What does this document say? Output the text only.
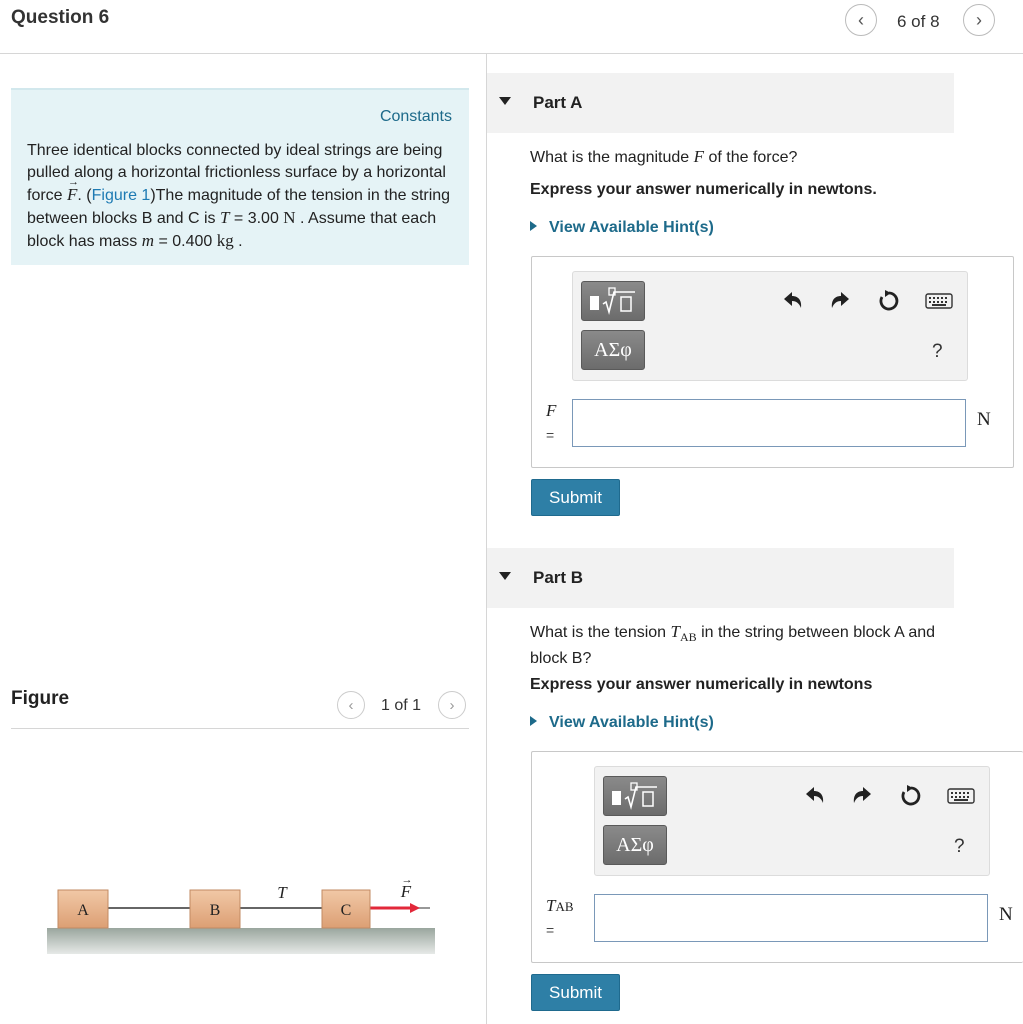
Question 6	‹ 6 of 8 ›
Constants
Three identical blocks connected by ideal strings are being pulled along a horizontal frictionless surface by a horizontal force → F. (Figure 1)The magnitude of the tension in the string between blocks B and C is T = 3.00 N . Assume that each block has mass m = 0.400 kg .
Figure	‹ 1 of 1 ›
A	B	C
T	F
→
Part A
What is the magnitude F of the force?
Express your answer numerically in newtons.
View Available Hint(s)
ΑΣφ	?
F
=
N
Submit
Part B
What is the tension $T_{AB}$ in the string between block A and block B?
Express your answer numerically in newtons
View Available Hint(s)
ΑΣφ	?
TAB
=
N
Submit
